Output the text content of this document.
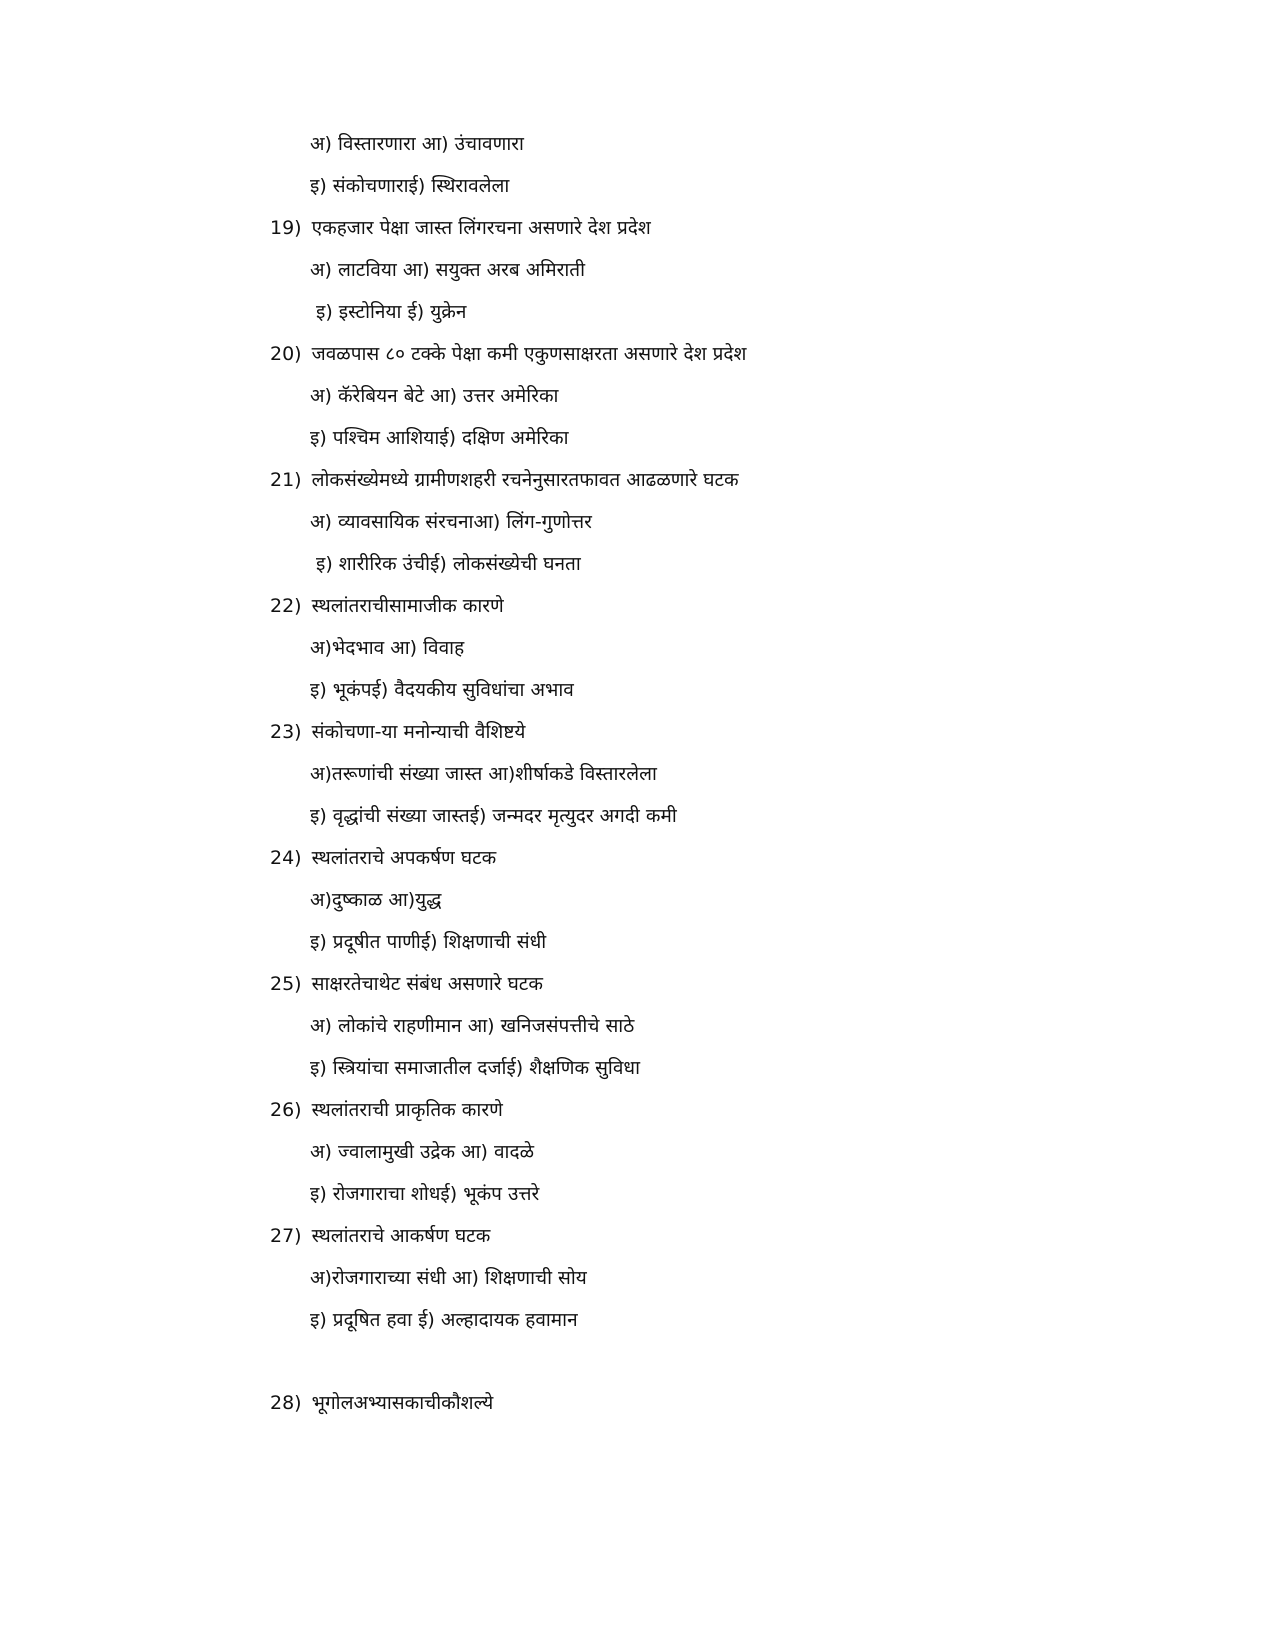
अ) विस्तारणारा आ) उंचावणारा
इ) संकोचणाराई) स्थिरावलेला
19) एकहजार पेक्षा जास्त लिंगरचना असणारे देश प्रदेश
अ) लाटविया आ) सयुक्त अरब अमिराती
इ) इस्टोनिया ई) युक्रेन
20) जवळपास ८० टक्के पेक्षा कमी एकुणसाक्षरता असणारे देश प्रदेश
अ) कॅरेबियन बेटे आ) उत्तर अमेरिका
इ) पश्चिम आशियाई) दक्षिण अमेरिका
21) लोकसंख्येमध्ये ग्रामीणशहरी रचनेनुसारतफावत आढळणारे घटक
अ) व्यावसायिक संरचनाआ) लिंग-गुणोत्तर
इ) शारीरिक उंचीई) लोकसंख्येची घनता
22) स्थलांतराचीसामाजीक कारणे
अ)भेदभाव आ) विवाह
इ) भूकंपई) वैदयकीय सुविधांचा अभाव
23) संकोचणा-या मनोन्याची वैशिष्टये
अ)तरूणांची संख्या जास्त आ)शीर्षाकडे विस्तारलेला
इ) वृद्धांची संख्या जास्तई) जन्मदर मृत्युदर अगदी कमी
24) स्थलांतराचे अपकर्षण घटक
अ)दुष्काळ आ)युद्ध
इ) प्रदूषीत पाणीई) शिक्षणाची संधी
25) साक्षरतेचाथेट संबंध असणारे घटक
अ) लोकांचे राहणीमान आ) खनिजसंपत्तीचे साठे
इ) स्त्रियांचा समाजातील दर्जाई) शैक्षणिक सुविधा
26) स्थलांतराची प्राकृतिक कारणे
अ) ज्वालामुखी उद्रेक आ) वादळे
इ) रोजगाराचा शोधई) भूकंप उत्तरे
27) स्थलांतराचे आकर्षण घटक
अ)रोजगाराच्या संधी आ) शिक्षणाची सोय
इ) प्रदूषित हवा ई) अल्हादायक हवामान
28) भूगोलअभ्यासकाचीकौशल्ये
